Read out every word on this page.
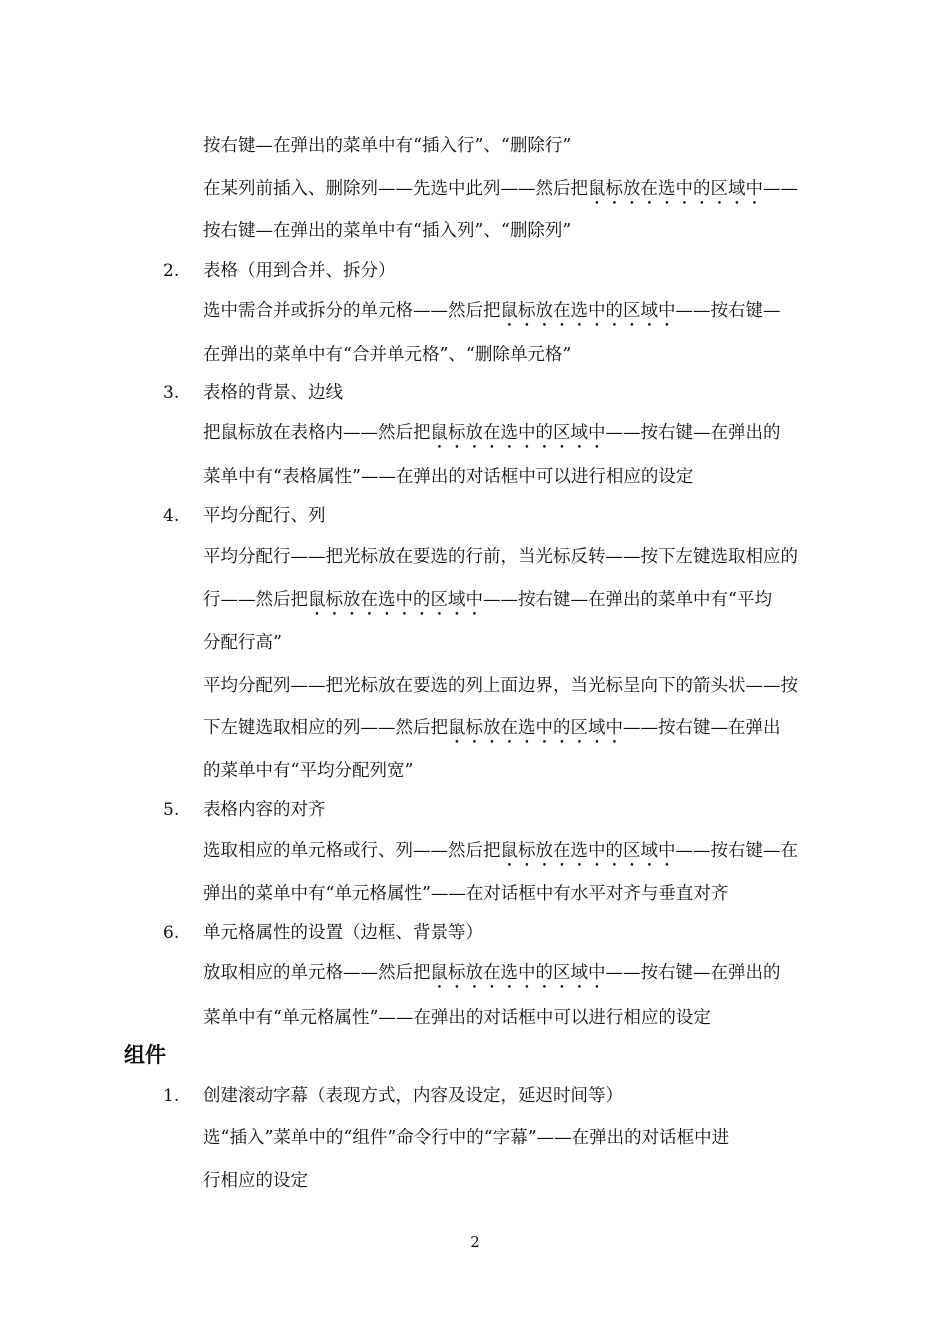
按右键—在弹出的菜单中有“插入行”、“删除行”
在某列前插入、删除列——先选中此列——然后把鼠标放在选中的区域中——
按右键—在弹出的菜单中有“插入列”、“删除列”
2. 表格（用到合并、拆分）
选中需合并或拆分的单元格——然后把鼠标放在选中的区域中——按右键—
在弹出的菜单中有“合并单元格”、“删除单元格”
3. 表格的背景、边线
把鼠标放在表格内——然后把鼠标放在选中的区域中——按右键—在弹出的
菜单中有“表格属性”——在弹出的对话框中可以进行相应的设定
4. 平均分配行、列
平均分配行——把光标放在要选的行前，当光标反转——按下左键选取相应的
行——然后把鼠标放在选中的区域中——按右键—在弹出的菜单中有“平均
分配行高”
平均分配列——把光标放在要选的列上面边界，当光标呈向下的箭头状——按
下左键选取相应的列——然后把鼠标放在选中的区域中——按右键—在弹出
的菜单中有“平均分配列宽”
5. 表格内容的对齐
选取相应的单元格或行、列——然后把鼠标放在选中的区域中——按右键—在
弹出的菜单中有“单元格属性”——在对话框中有水平对齐与垂直对齐
6. 单元格属性的设置（边框、背景等）
放取相应的单元格——然后把鼠标放在选中的区域中——按右键—在弹出的
菜单中有“单元格属性”——在弹出的对话框中可以进行相应的设定
组件
1. 创建滚动字幕（表现方式，内容及设定，延迟时间等）
选“插入”菜单中的“组件”命令行中的“字幕”——在弹出的对话框中进
行相应的设定
2
